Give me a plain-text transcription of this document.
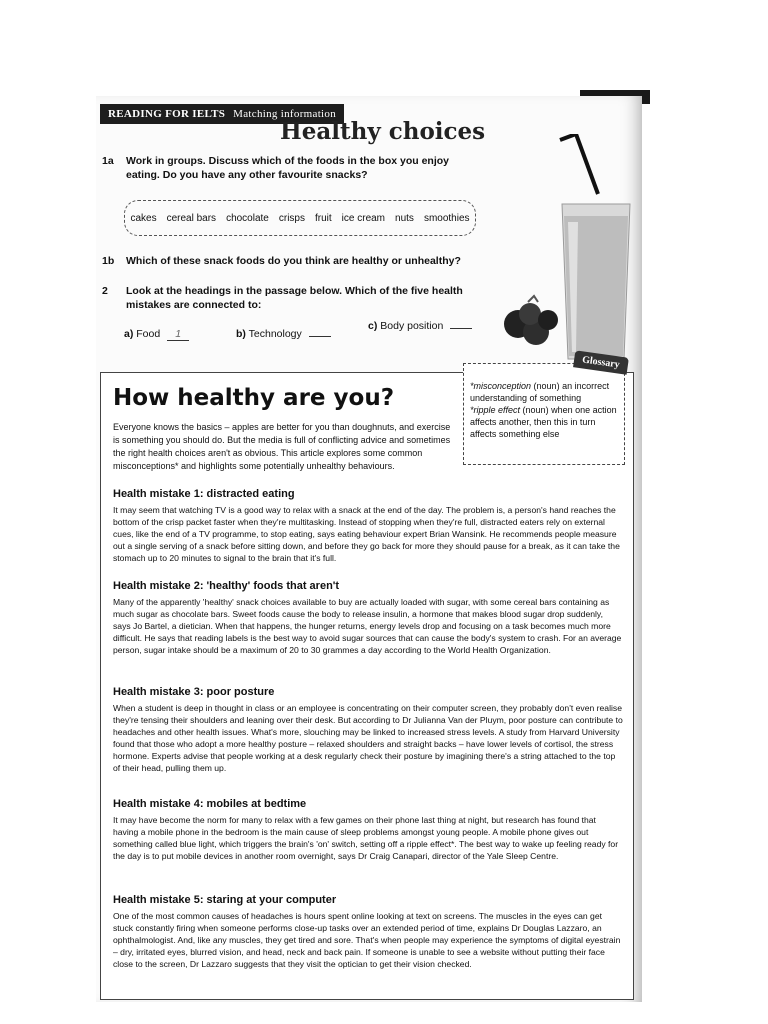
READING FOR IELTS Matching information
Healthy choices
1a Work in groups. Discuss which of the foods in the box you enjoy eating. Do you have any other favourite snacks?
cakes cereal bars chocolate crisps fruit ice cream nuts smoothies
1b Which of these snack foods do you think are healthy or unhealthy?
2 Look at the headings in the passage below. Which of the five health mistakes are connected to:
a) Food 1	b) Technology
c) Body position
How healthy are you?
Glossary
*misconception (noun) an incorrect understanding of something
*ripple effect (noun) when one action affects another, then this in turn affects something else
Everyone knows the basics – apples are better for you than doughnuts, and exercise is something you should do. But the media is full of conflicting advice and sometimes the right health choices aren't as obvious. This article explores some common misconceptions* and highlights some potentially unhealthy behaviours.
Health mistake 1: distracted eating

It may seem that watching TV is a good way to relax with a snack at the end of the day. The problem is, a person's hand reaches the bottom of the crisp packet faster when they're multitasking. Instead of stopping when they're full, distracted eaters rely on external cues, like the end of a TV programme, to stop eating, says eating behaviour expert Brian Wansink. He recommends people measure out a single serving of a snack before sitting down, and before they go back for more they should pause for a break, as it can take the stomach up to 20 minutes to signal to the brain that it's full.

Health mistake 2: 'healthy' foods that aren't

Many of the apparently 'healthy' snack choices available to buy are actually loaded with sugar, with some cereal bars containing as much sugar as chocolate bars. Sweet foods cause the body to release insulin, a hormone that makes blood sugar drop suddenly, says Jo Bartel, a dietician. When that happens, the hunger returns, energy levels drop and focusing on a task becomes much more difficult. He says that reading labels is the best way to avoid sugar sources that can cause the body's system to crash. For an average person, sugar intake should be a maximum of 20 to 30 grammes a day according to the World Health Organization.

Health mistake 3: poor posture

When a student is deep in thought in class or an employee is concentrating on their computer screen, they probably don't even realise they're tensing their shoulders and leaning over their desk. But according to Dr Julianna Van der Pluym, poor posture can contribute to headaches and other health issues. What's more, slouching may be linked to increased stress levels. A study from Harvard University found that those who adopt a more healthy posture – relaxed shoulders and straight backs – have lower levels of cortisol, the stress hormone. Experts advise that people working at a desk regularly check their posture by imagining there's a string attached to the top of their head, pulling them up.

Health mistake 4: mobiles at bedtime

It may have become the norm for many to relax with a few games on their phone last thing at night, but research has found that having a mobile phone in the bedroom is the main cause of sleep problems amongst young people. A mobile phone gives out something called blue light, which triggers the brain's 'on' switch, setting off a ripple effect*. The best way to wake up feeling ready for the day is to put mobile devices in another room overnight, says Dr Craig Canapari, director of the Yale Sleep Centre.

Health mistake 5: staring at your computer

One of the most common causes of headaches is hours spent online looking at text on screens. The muscles in the eyes can get stuck constantly firing when someone performs close-up tasks over an extended period of time, explains Dr Douglas Lazzaro, an ophthalmologist. And, like any muscles, they get tired and sore. That's when people may experience the symptoms of digital eyestrain – dry, irritated eyes, blurred vision, and head, neck and back pain. If someone is unable to see a website without putting their face close to the screen, Dr Lazzaro suggests that they visit the optician to get their vision checked.
